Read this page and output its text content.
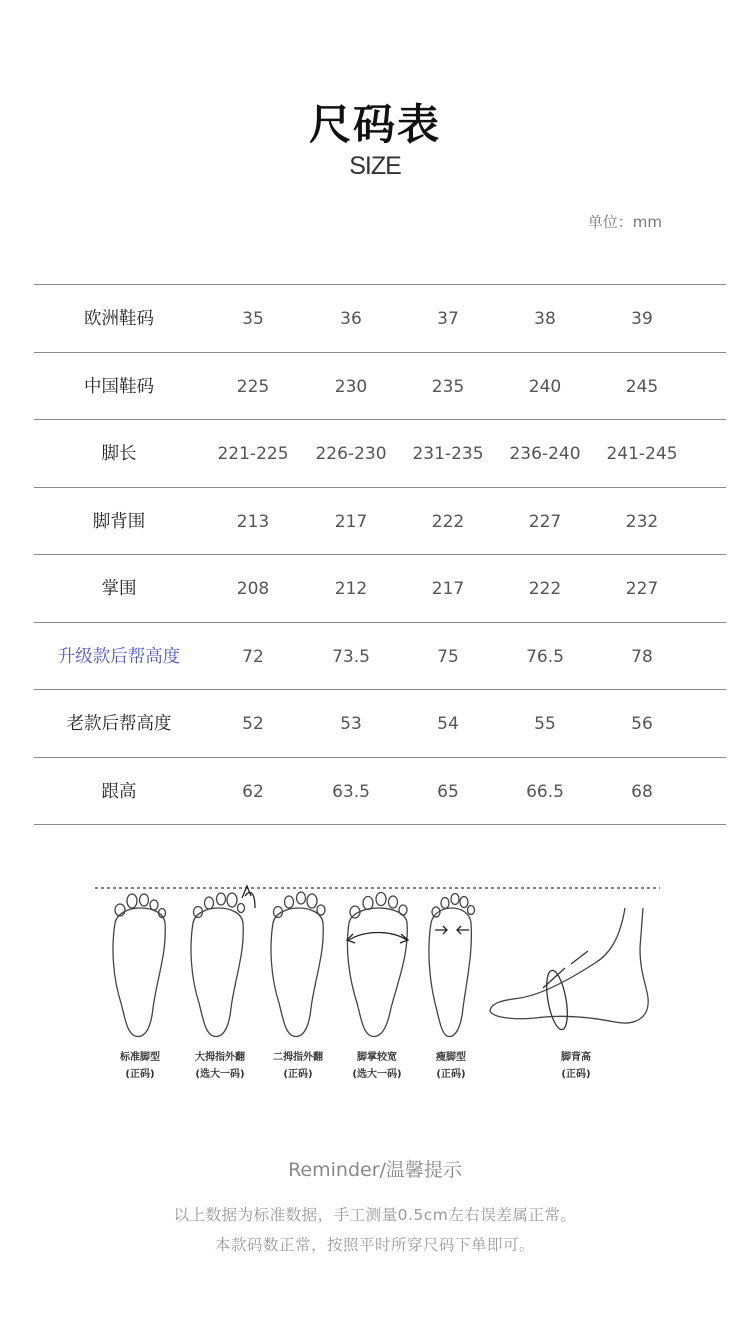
尺码表
SIZE
单位：mm
欧洲鞋码	35	36	37	38	39
中国鞋码	225	230	235	240	245
脚长	221-225	226-230	231-235	236-240	241-245
脚背围	213	217	222	227	232
掌围	208	212	217	222	227
升级款后帮高度	72	73.5	75	76.5	78
老款后帮高度	52	53	54	55	56
跟高	62	63.5	65	66.5	68
标准脚型
(正码)
大拇指外翻
(选大一码)
二拇指外翻
(正码)
脚掌较宽
(选大一码)
瘦脚型
(正码)
脚背高
(正码)
Reminder/温馨提示
以上数据为标准数据，手工测量0.5cm左右误差属正常。
本款码数正常，按照平时所穿尺码下单即可。
